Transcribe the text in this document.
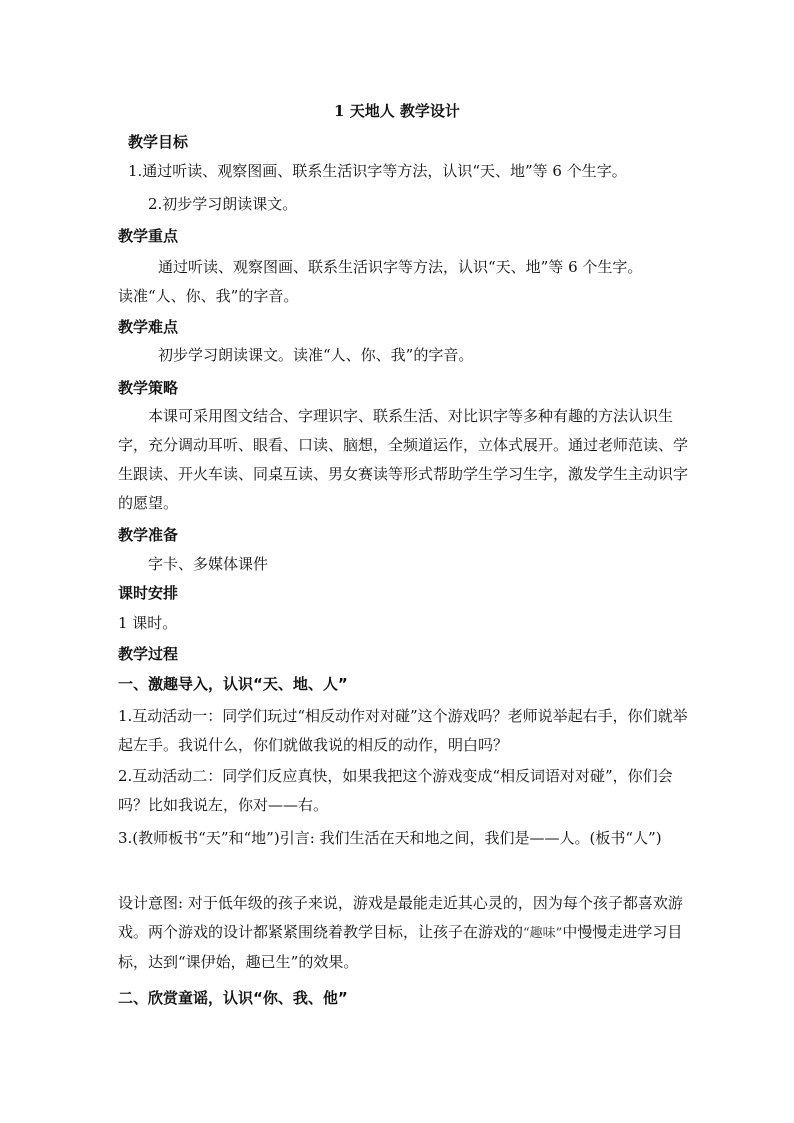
1 天地人 教学设计
教学目标
1.通过听读、观察图画、联系生活识字等方法，认识“天、地”等 6 个生字。
2.初步学习朗读课文。
教学重点
通过听读、观察图画、联系生活识字等方法，认识“天、地”等 6 个生字。
读准“人、你、我”的字音。
教学难点
初步学习朗读课文。读准“人、你、我”的字音。
教学策略
本课可采用图文结合、字理识字、联系生活、对比识字等多种有趣的方法认识生字，充分调动耳听、眼看、口读、脑想，全频道运作，立体式展开。通过老师范读、学生跟读、开火车读、同桌互读、男女赛读等形式帮助学生学习生字，激发学生主动识字的愿望。
教学准备
字卡、多媒体课件
课时安排
1 课时。
教学过程
一、激趣导入，认识“天、地、人”
1.互动活动一：同学们玩过“相反动作对对碰”这个游戏吗？老师说举起右手，你们就举起左手。我说什么，你们就做我说的相反的动作，明白吗？
2.互动活动二：同学们反应真快，如果我把这个游戏变成“相反词语对对碰”，你们会吗？比如我说左，你对——右。
3.(教师板书“天”和“地”)引言: 我们生活在天和地之间，我们是——人。(板书“人”)
设计意图: 对于低年级的孩子来说，游戏是最能走近其心灵的，因为每个孩子都喜欢游戏。两个游戏的设计都紧紧围绕着教学目标，让孩子在游戏的“趣味”中慢慢走进学习目标，达到“课伊始，趣已生”的效果。
二、欣赏童谣，认识“你、我、他”
